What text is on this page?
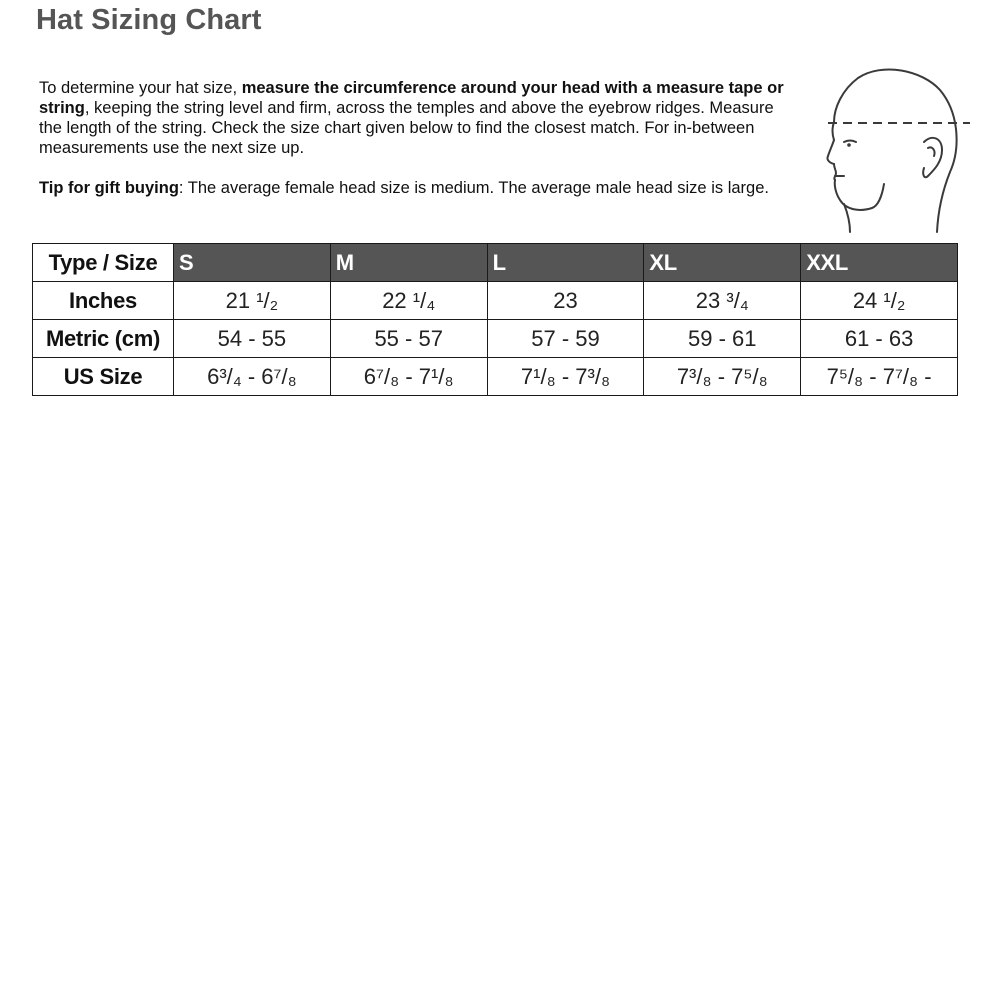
Hat Sizing Chart

To determine your hat size, measure the circumference around your head with a measure tape or string, keeping the string level and firm, across the temples and above the eyebrow ridges. Measure the length of the string. Check the size chart given below to find the closest match. For in-between measurements use the next size up.

Tip for gift buying: The average female head size is medium. The average male head size is large.

Type / Size	S	M	L	XL	XXL
Inches	21 ¹/₂	22 ¹/₄	23	23 ³/₄	24 ¹/₂
Metric (cm)	54 - 55	55 - 57	57 - 59	59 - 61	61 - 63
US Size	6³/₄ - 6⁷/₈	6⁷/₈ - 7¹/₈	7¹/₈ - 7³/₈	7³/₈ - 7⁵/₈	7⁵/₈ - 7⁷/₈ -
